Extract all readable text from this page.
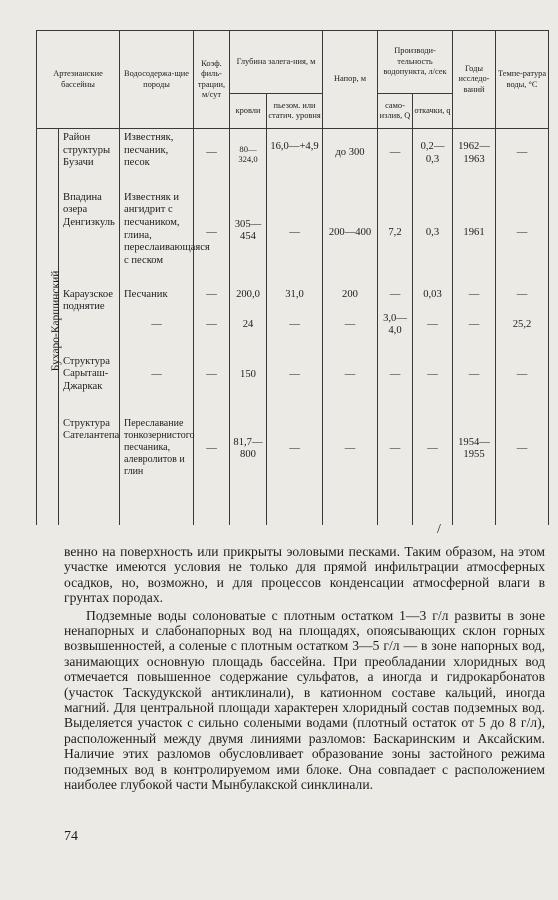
Артезианские бассейны		Водосодержа-щие породы	Коэф. филь-трации, м/сут	Глубина залега-ния, м		Напор, м	Производи-тельность водопункта, л/сек		Годы исследо-ваний	Темпе-ратура воды, °С
				кровли	пьезом. или статич. уровня		само-излив, Q	откачки, q		

Бухаро-Каршинский	Район структуры Бузачи	Известняк, песчаник, песок	—	80—324,0	16,0—+4,9	до 300	—	0,2—0,3	1962—1963	—
	Впадина озера Денгизкуль	Известняк и ангидрит с песчаником, глина, переслаивающаяся с песком	—	305—454	—	200—400	7,2	0,3	1961	—
	Караузское поднятие	Песчаник	—	200,0	31,0	200	—	0,03	—	—
		—	—	24	—	—	3,0—4,0	—	—	25,2
	Структура Сарыташ-Джаркак	—	—	150	—	—	—	—	—	—
	Структура Сателантепа	Переславание тонкозернистого песчаника, алевролитов и глин	—	81,7—800	—	—	—	—	1954—1955	—
/

венно на поверхность или прикрыты эоловыми песками. Таким образом, на этом участке имеются условия не только для прямой инфильтрации атмосферных осадков, но, возможно, и для процессов конденсации атмосферной влаги в грунтах породах.

Подземные воды солоноватые с плотным остатком 1—3 г/л развиты в зоне ненапорных и слабонапорных вод на площадях, опоясывающих склон горных возвышенностей, а соленые с плотным остатком 3—5 г/л — в зоне напорных вод, занимающих основную площадь бассейна. При преобладании хлоридных вод отмечается повышенное содержание сульфатов, а иногда и гидрокарбонатов (участок Таскудукской антиклинали), в катионном составе кальций, иногда магний. Для центральной площади характерен хлоридный состав подземных вод. Выделяется участок с сильно солеными водами (плотный остаток от 5 до 8 г/л), расположенный между двумя линиями разломов: Баскаринским и Аксайским. Наличие этих разломов обусловливает образование зоны застойного режима подземных вод в контролируемом ими блоке. Она совпадает с расположением наиболее глубокой части Мынбулакской синклинали.

74
